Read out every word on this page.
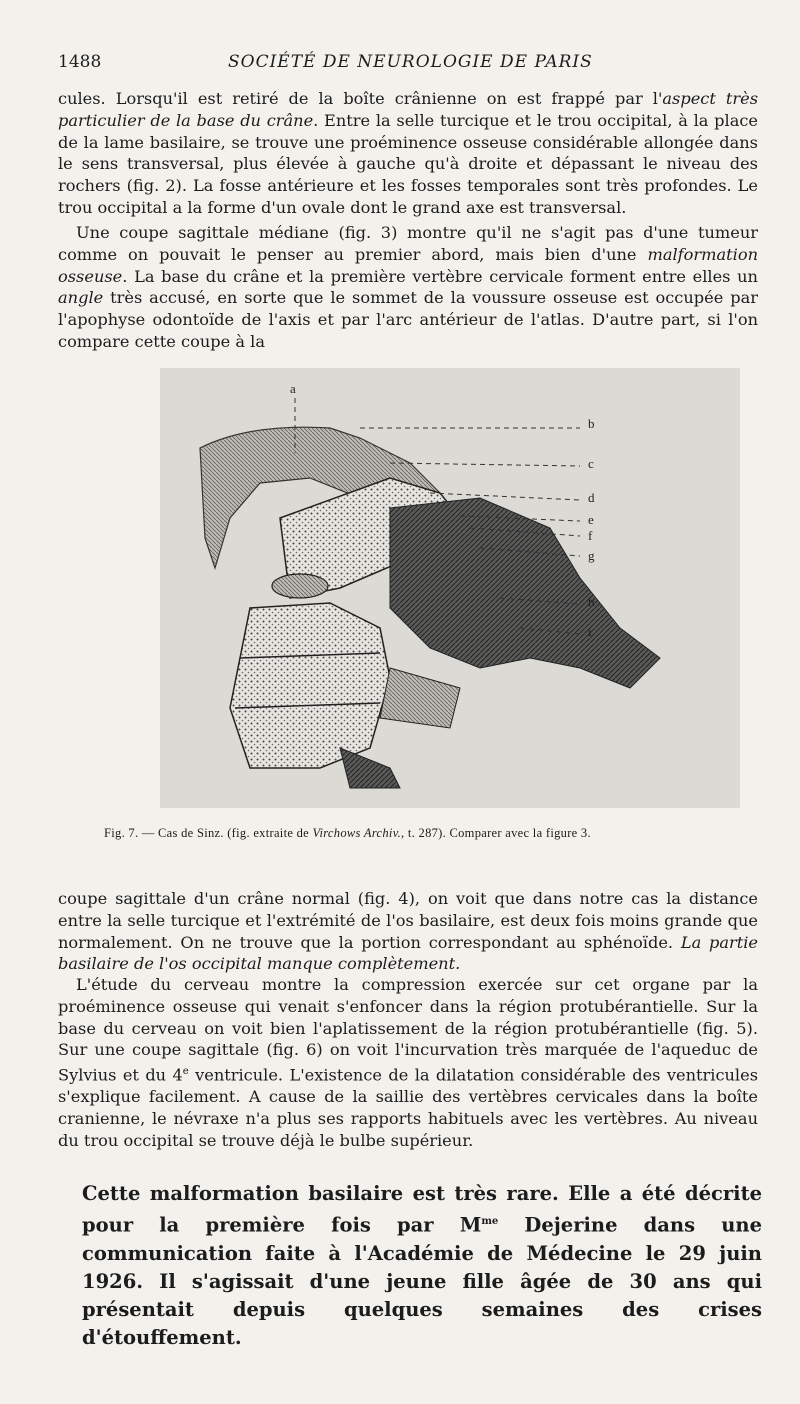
1488	SOCIÉTÉ DE NEUROLOGIE DE PARIS

cules. Lorsqu'il est retiré de la boîte crânienne on est frappé par l'aspect très particulier de la base du crâne. Entre la selle turcique et le trou occipital, à la place de la lame basilaire, se trouve une proéminence osseuse considérable allongée dans le sens transversal, plus élevée à gauche qu'à droite et dépassant le niveau des rochers (fig. 2). La fosse antérieure et les fosses temporales sont très profondes. Le trou occipital a la forme d'un ovale dont le grand axe est transversal.

Une coupe sagittale médiane (fig. 3) montre qu'il ne s'agit pas d'une tumeur comme on pouvait le penser au premier abord, mais bien d'une malformation osseuse. La base du crâne et la première vertèbre cervicale forment entre elles un angle très accusé, en sorte que le sommet de la voussure osseuse est occupée par l'apophyse odontoïde de l'axis et par l'arc antérieur de l'atlas. D'autre part, si l'on compare cette coupe à la

a
b
c
d
e
f
g
h
i
Fig. 7. — Cas de Sinz. (fig. extraite de Virchows Archiv., t. 287). Comparer avec la figure 3.

coupe sagittale d'un crâne normal (fig. 4), on voit que dans notre cas la distance entre la selle turcique et l'extrémité de l'os basilaire, est deux fois moins grande que normalement. On ne trouve que la portion correspondant au sphénoïde. La partie basilaire de l'os occipital manque complètement.

L'étude du cerveau montre la compression exercée sur cet organe par la proéminence osseuse qui venait s'enfoncer dans la région protubérantielle. Sur la base du cerveau on voit bien l'aplatissement de la région protubérantielle (fig. 5). Sur une coupe sagittale (fig. 6) on voit l'incurvation très marquée de l'aqueduc de Sylvius et du 4e ventricule. L'existence de la dilatation considérable des ventricules s'explique facilement. A cause de la saillie des vertèbres cervicales dans la boîte cranienne, le névraxe n'a plus ses rapports habituels avec les vertèbres. Au niveau du trou occipital se trouve déjà le bulbe supérieur.

Cette malformation basilaire est très rare. Elle a été décrite pour la première fois par $M^{me}$ Dejerine dans une communication faite à l'Académie de Médecine le 29 juin 1926. Il s'agissait d'une jeune fille âgée de 30 ans qui présentait depuis quelques semaines des crises d'étouffement.
